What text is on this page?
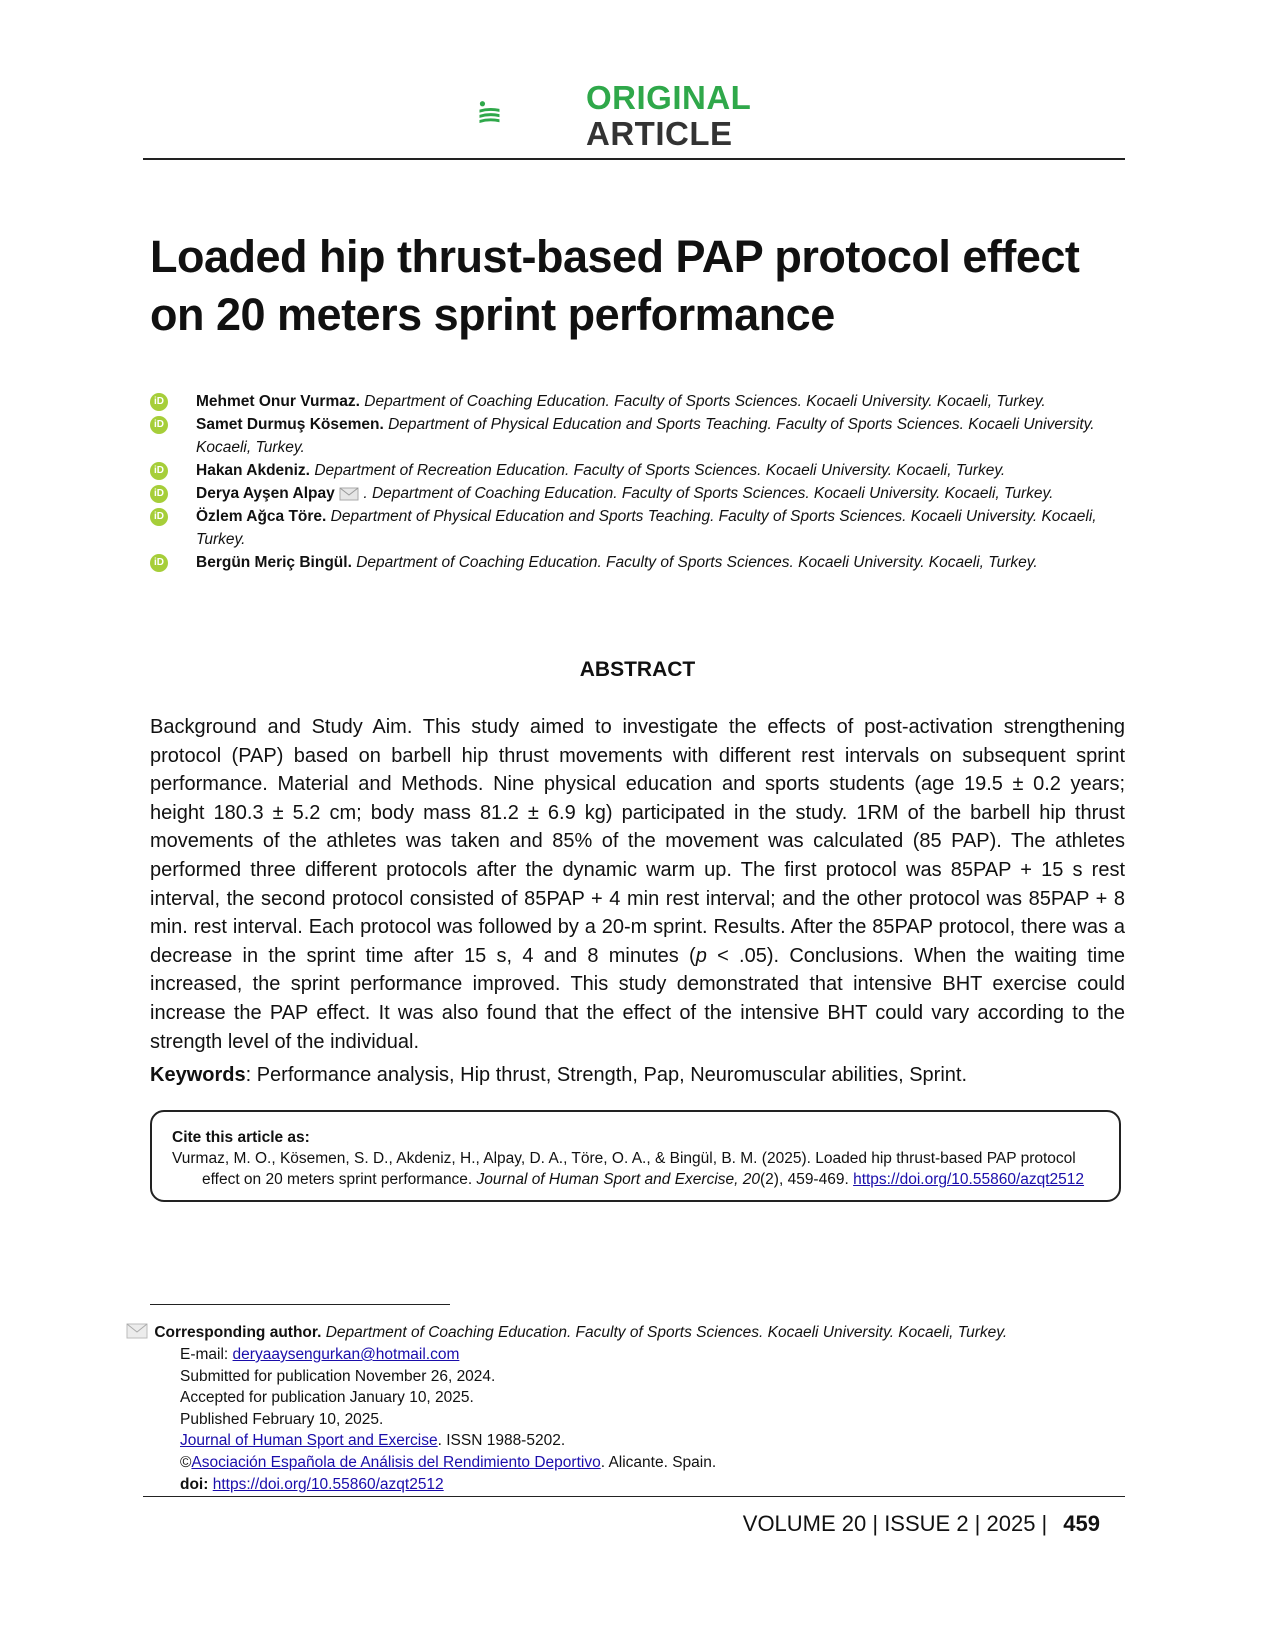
ORIGINAL
ARTICLE
Loaded hip thrust-based PAP protocol effect on 20 meters sprint performance
iD Mehmet Onur Vurmaz. Department of Coaching Education. Faculty of Sports Sciences. Kocaeli University. Kocaeli, Turkey.
iD Samet Durmuş Kösemen. Department of Physical Education and Sports Teaching. Faculty of Sports Sciences. Kocaeli University. Kocaeli, Turkey.
iD Hakan Akdeniz. Department of Recreation Education. Faculty of Sports Sciences. Kocaeli University. Kocaeli, Turkey.
iD Derya Ayşen Alpay . Department of Coaching Education. Faculty of Sports Sciences. Kocaeli University. Kocaeli, Turkey.
iD Özlem Ağca Töre. Department of Physical Education and Sports Teaching. Faculty of Sports Sciences. Kocaeli University. Kocaeli, Turkey.
iD Bergün Meriç Bingül. Department of Coaching Education. Faculty of Sports Sciences. Kocaeli University. Kocaeli, Turkey.
ABSTRACT
Background and Study Aim. This study aimed to investigate the effects of post-activation strengthening protocol (PAP) based on barbell hip thrust movements with different rest intervals on subsequent sprint performance. Material and Methods. Nine physical education and sports students (age 19.5 ± 0.2 years; height 180.3 ± 5.2 cm; body mass 81.2 ± 6.9 kg) participated in the study. 1RM of the barbell hip thrust movements of the athletes was taken and 85% of the movement was calculated (85 PAP). The athletes performed three different protocols after the dynamic warm up. The first protocol was 85PAP + 15 s rest interval, the second protocol consisted of 85PAP + 4 min rest interval; and the other protocol was 85PAP + 8 min. rest interval. Each protocol was followed by a 20-m sprint. Results. After the 85PAP protocol, there was a decrease in the sprint time after 15 s, 4 and 8 minutes (p < .05). Conclusions. When the waiting time increased, the sprint performance improved. This study demonstrated that intensive BHT exercise could increase the PAP effect. It was also found that the effect of the intensive BHT could vary according to the strength level of the individual.
Keywords: Performance analysis, Hip thrust, Strength, Pap, Neuromuscular abilities, Sprint.
Cite this article as:
Vurmaz, M. O., Kösemen, S. D., Akdeniz, H., Alpay, D. A., Töre, O. A., & Bingül, B. M. (2025). Loaded hip thrust-based PAP protocol effect on 20 meters sprint performance. Journal of Human Sport and Exercise, 20(2), 459-469. https://doi.org/10.55860/azqt2512
Corresponding author. Department of Coaching Education. Faculty of Sports Sciences. Kocaeli University. Kocaeli, Turkey.
E-mail: deryaaysengurkan@hotmail.com
Submitted for publication November 26, 2024.
Accepted for publication January 10, 2025.
Published February 10, 2025.
Journal of Human Sport and Exercise. ISSN 1988-5202.
©Asociación Española de Análisis del Rendimiento Deportivo. Alicante. Spain.
doi: https://doi.org/10.55860/azqt2512
VOLUME 20 | ISSUE 2 | 2025 | 459
